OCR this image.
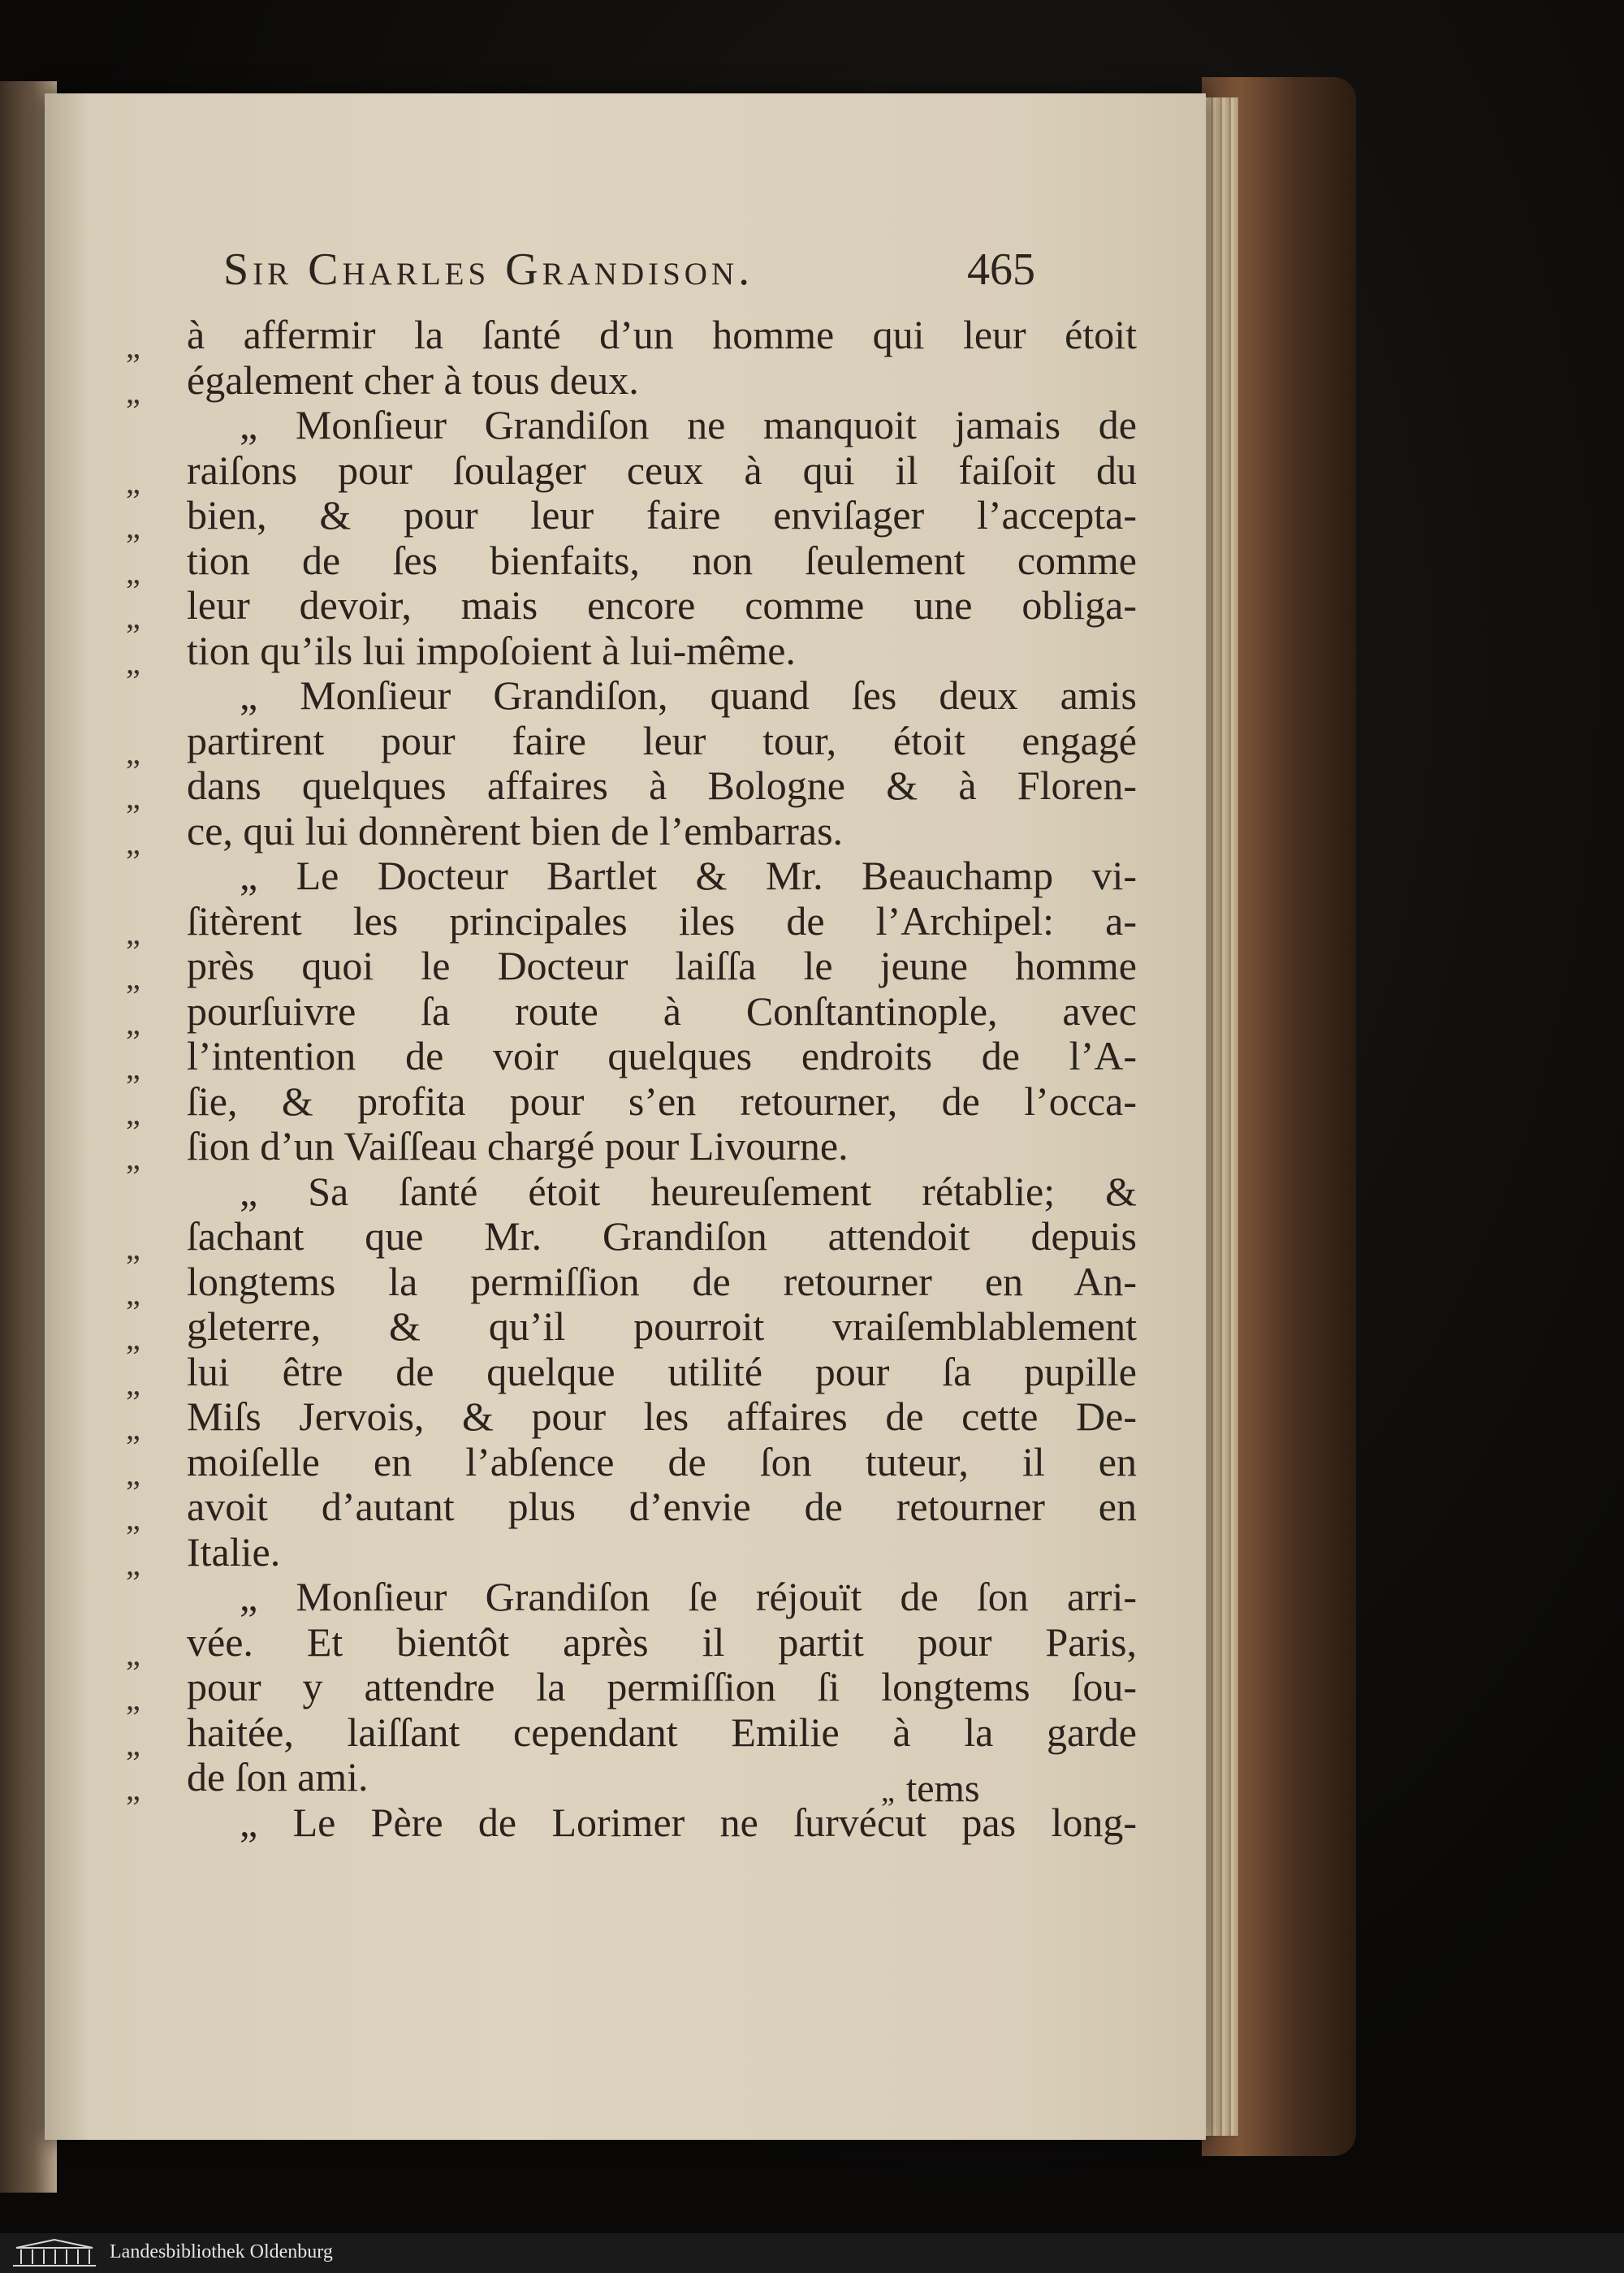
Sir Charles Grandison.	465
„ à affermir la ſanté d’un homme qui leur étoit
„ également cher à tous deux.
„ Monſieur Grandiſon ne manquoit jamais de
„ raiſons pour ſoulager ceux à qui il faiſoit du
„ bien, & pour leur faire enviſager l’accepta-
„ tion de ſes bienfaits, non ſeulement comme
„ leur devoir, mais encore comme une obliga-
„ tion qu’ils lui impoſoient à lui-même.
„ Monſieur Grandiſon, quand ſes deux amis
„ partirent pour faire leur tour, étoit engagé
„ dans quelques affaires à Bologne & à Floren-
„ ce, qui lui donnèrent bien de l’embarras.
„ Le Docteur Bartlet & Mr. Beauchamp vi-
„ ſitèrent les principales iles de l’Archipel: a-
„ près quoi le Docteur laiſſa le jeune homme
„ pourſuivre ſa route à Conſtantinople, avec
„ l’intention de voir quelques endroits de l’A-
„ ſie, & profita pour s’en retourner, de l’occa-
„ ſion d’un Vaiſſeau chargé pour Livourne.
„ Sa ſanté étoit heureuſement rétablie; &
„ ſachant que Mr. Grandiſon attendoit depuis
„ longtems la permiſſion de retourner en An-
„ gleterre, & qu’il pourroit vraiſemblablement
„ lui être de quelque utilité pour ſa pupille
„ Miſs Jervois, & pour les affaires de cette De-
„ moiſelle en l’abſence de ſon tuteur, il en
„ avoit d’autant plus d’envie de retourner en
„ Italie.
„ Monſieur Grandiſon ſe réjouït de ſon arri-
„ vée. Et bientôt après il partit pour Paris,
„ pour y attendre la permiſſion ſi longtems ſou-
„ haitée, laiſſant cependant Emilie à la garde
„ de ſon ami.
„ Le Père de Lorimer ne ſurvécut pas long-
„ tems
Landesbibliothek Oldenburg
